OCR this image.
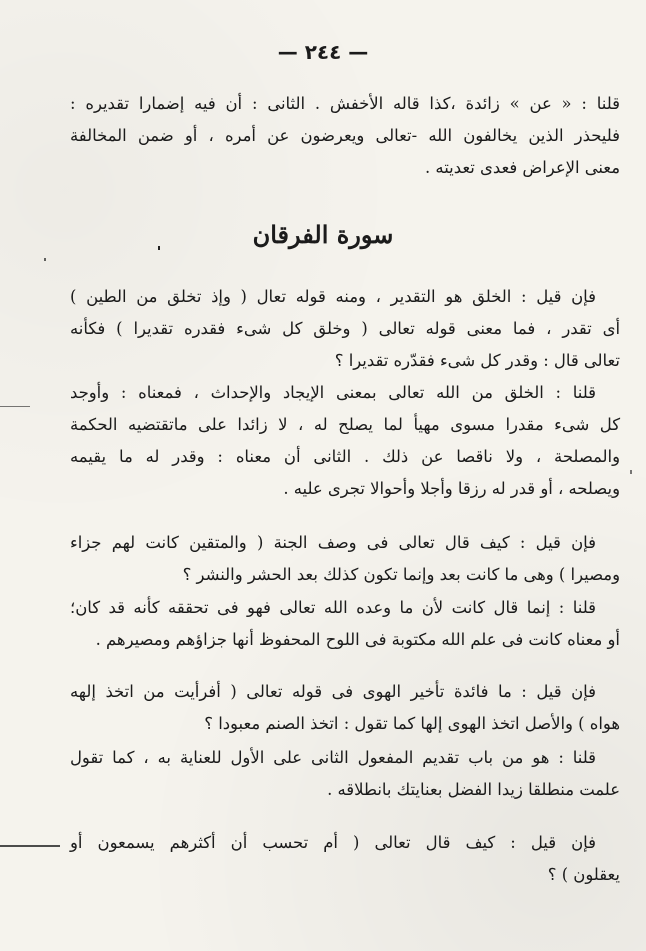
— ٢٤٤ —
قلنا : « عن » زائدة ،كذا قاله الأخفش . الثانى : أن فيه إضمارا تقديره :
فليحذر الذين يخالفون الله -تعالى ويعرضون عن أمره ، أو ضمن المخالفة
معنى الإعراض فعدى تعديته .
سورة الفرقان
فإن قيل : الخلق هو التقدير ، ومنه قوله تعال ( وإذ تخلق من الطين )
أى تقدر ، فما معنى قوله تعالى ( وخلق كل شىء فقدره تقديرا ) فكأنه
تعالى قال : وقدر كل شىء فقدّره تقديرا ؟
قلنا : الخلق من الله تعالى بمعنى الإيجاد والإحداث ، فمعناه : وأوجد
كل شىء مقدرا مسوى مهيأ لما يصلح له ، لا زائدا على ماتقتضيه الحكمة
والمصلحة ، ولا ناقصا عن ذلك . الثانى أن معناه : وقدر له ما يقيمه
ويصلحه ، أو قدر له رزقا وأجلا وأحوالا تجرى عليه .
فإن قيل : كيف قال تعالى فى وصف الجنة ( والمتقين كانت لهم جزاء
ومصيرا ) وهى ما كانت بعد وإنما تكون كذلك بعد الحشر والنشر ؟
قلنا : إنما قال كانت لأن ما وعده الله تعالى فهو فى تحققه كأنه قد كان؛
أو معناه كانت فى علم الله مكتوبة فى اللوح المحفوظ أنها جزاؤهم ومصيرهم .
فإن قيل : ما فائدة تأخير الهوى فى قوله تعالى ( أفرأيت من اتخذ إلهه
هواه ) والأصل اتخذ الهوى إلها كما تقول : اتخذ الصنم معبودا ؟
قلنا : هو من باب تقديم المفعول الثانى على الأول للعناية به ، كما تقول
علمت منطلقا زيدا الفضل بعنايتك بانطلاقه .
فإن قيل : كيف قال تعالى ( أم تحسب أن أكثرهم يسمعون أو
يعقلون ) ؟
